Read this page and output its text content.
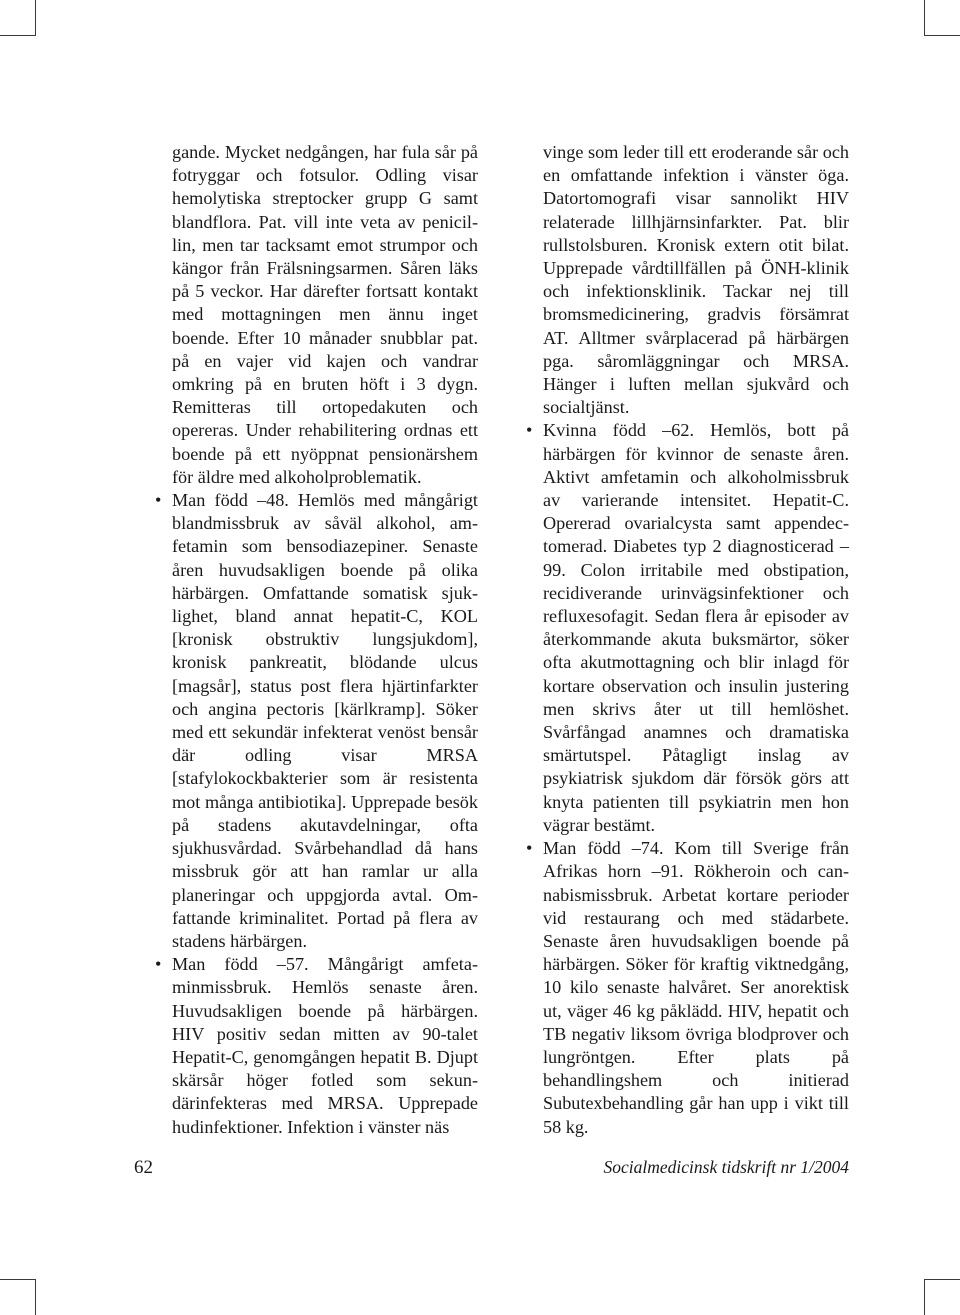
gande. Mycket nedgången, har fula sår på fotryggar och fotsulor. Odling visar hemolytiska streptocker grupp G samt blandflora. Pat. vill inte veta av penicillin, men tar tacksamt emot strumpor och kängor från Frälsningsarmen. Såren läks på 5 veckor. Har därefter fortsatt kontakt med mottagningen men ännu inget boende. Efter 10 månader snubblar pat. på en vajer vid kajen och vandrar omkring på en bruten höft i 3 dygn. Remitteras till ortopedakuten och opereras. Under rehabilitering ordnas ett boende på ett nyöppnat pensionärshem för äldre med alkoholproblematik.

• Man född –48. Hemlös med mångårigt blandmissbruk av såväl alkohol, amfetamin som bensodiazepiner. Senaste åren huvudsakligen boende på olika härbärgen. Omfattande somatisk sjuklighet, bland annat hepatit-C, KOL [kronisk obstruktiv lungsjukdom], kronisk pankreatit, blödande ulcus [magsår], status post flera hjärtinfarkter och angina pectoris [kärlkramp]. Söker med ett sekundär infekterat venöst bensår där odling visar MRSA [stafylokockbakterier som är resistenta mot många antibiotika]. Upprepade besök på stadens akutavdelningar, ofta sjukhusvårdad. Svårbehandlad då hans missbruk gör att han ramlar ur alla planeringar och uppgjorda avtal. Omfattande kriminalitet. Portad på flera av stadens härbärgen.

• Man född –57. Mångårigt amfetaminmissbruk. Hemlös senaste åren. Huvudsakligen boende på härbärgen. HIV positiv sedan mitten av 90-talet Hepatit-C, genomgången hepatit B. Djupt skärsår höger fotled som sekundärinfekteras med MRSA. Upprepade hudinfektioner. Infektion i vänster näs

vinge som leder till ett eroderande sår och en omfattande infektion i vänster öga. Datortomografi visar sannolikt HIV relaterade lillhjärnsinfarkter. Pat. blir rullstolsburen. Kronisk extern otit bilat. Upprepade vårdtillfällen på ÖNH-klinik och infektionsklinik. Tackar nej till bromsmedicinering, gradvis försämrat AT. Alltmer svårplacerad på härbärgen pga. såromläggningar och MRSA. Hänger i luften mellan sjukvård och socialtjänst.

• Kvinna född –62. Hemlös, bott på härbärgen för kvinnor de senaste åren. Aktivt amfetamin och alkoholmissbruk av varierande intensitet. Hepatit-C. Opererad ovarialcysta samt appendectomerad. Diabetes typ 2 diagnosticerad –99. Colon irritabile med obstipation, recidiverande urinvägsinfektioner och refluxesofagit. Sedan flera år episoder av återkommande akuta buksmärtor, söker ofta akutmottagning och blir inlagd för kortare observation och insulin justering men skrivs åter ut till hemlöshet. Svårfångad anamnes och dramatiska smärtutspel. Påtagligt inslag av psykiatrisk sjukdom där försök görs att knyta patienten till psykiatrin men hon vägrar bestämt.

• Man född –74. Kom till Sverige från Afrikas horn –91. Rökheroin och cannabismissbruk. Arbetat kortare perioder vid restaurang och med städarbete. Senaste åren huvudsakligen boende på härbärgen. Söker för kraftig viktnedgång, 10 kilo senaste halvåret. Ser anorektisk ut, väger 46 kg påklädd. HIV, hepatit och TB negativ liksom övriga blodprover och lungröntgen. Efter plats på behandlingshem och initierad Subutexbehandling går han upp i vikt till 58 kg.

62	Socialmedicinsk tidskrift nr 1/2004
